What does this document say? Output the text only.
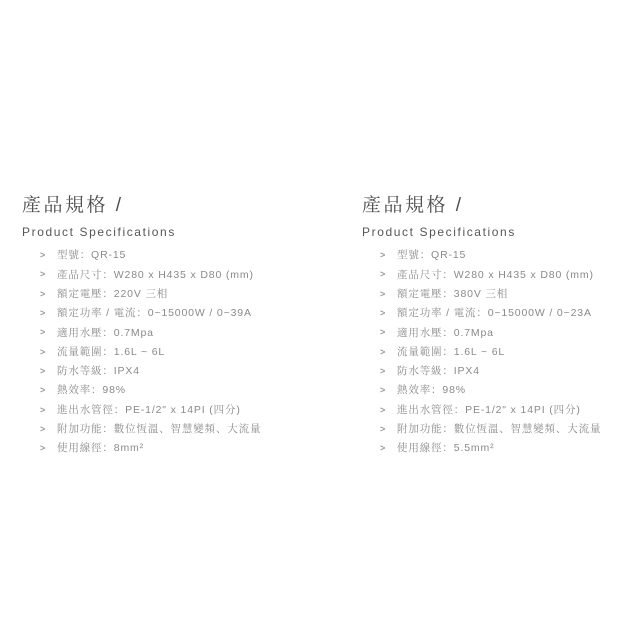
產品規格 /
Product Specifications
>	型號：QR-15
>	產品尺寸：W280 x H435 x D80 (mm)
>	額定電壓：220V 三相
>	額定功率 / 電流：0~15000W / 0~39A
>	適用水壓：0.7Mpa
>	流量範圍：1.6L ~ 6L
>	防水等級：IPX4
>	熱效率：98%
>	進出水管徑：PE-1/2" x 14PI (四分)
>	附加功能：數位恆溫、智慧變頻、大流量
>	使用線徑：8mm²
產品規格 /
Product Specifications
>	型號：QR-15
>	產品尺寸：W280 x H435 x D80 (mm)
>	額定電壓：380V 三相
>	額定功率 / 電流：0~15000W / 0~23A
>	適用水壓：0.7Mpa
>	流量範圍：1.6L ~ 6L
>	防水等級：IPX4
>	熱效率：98%
>	進出水管徑：PE-1/2" x 14PI (四分)
>	附加功能：數位恆溫、智慧變頻、大流量
>	使用線徑：5.5mm²
